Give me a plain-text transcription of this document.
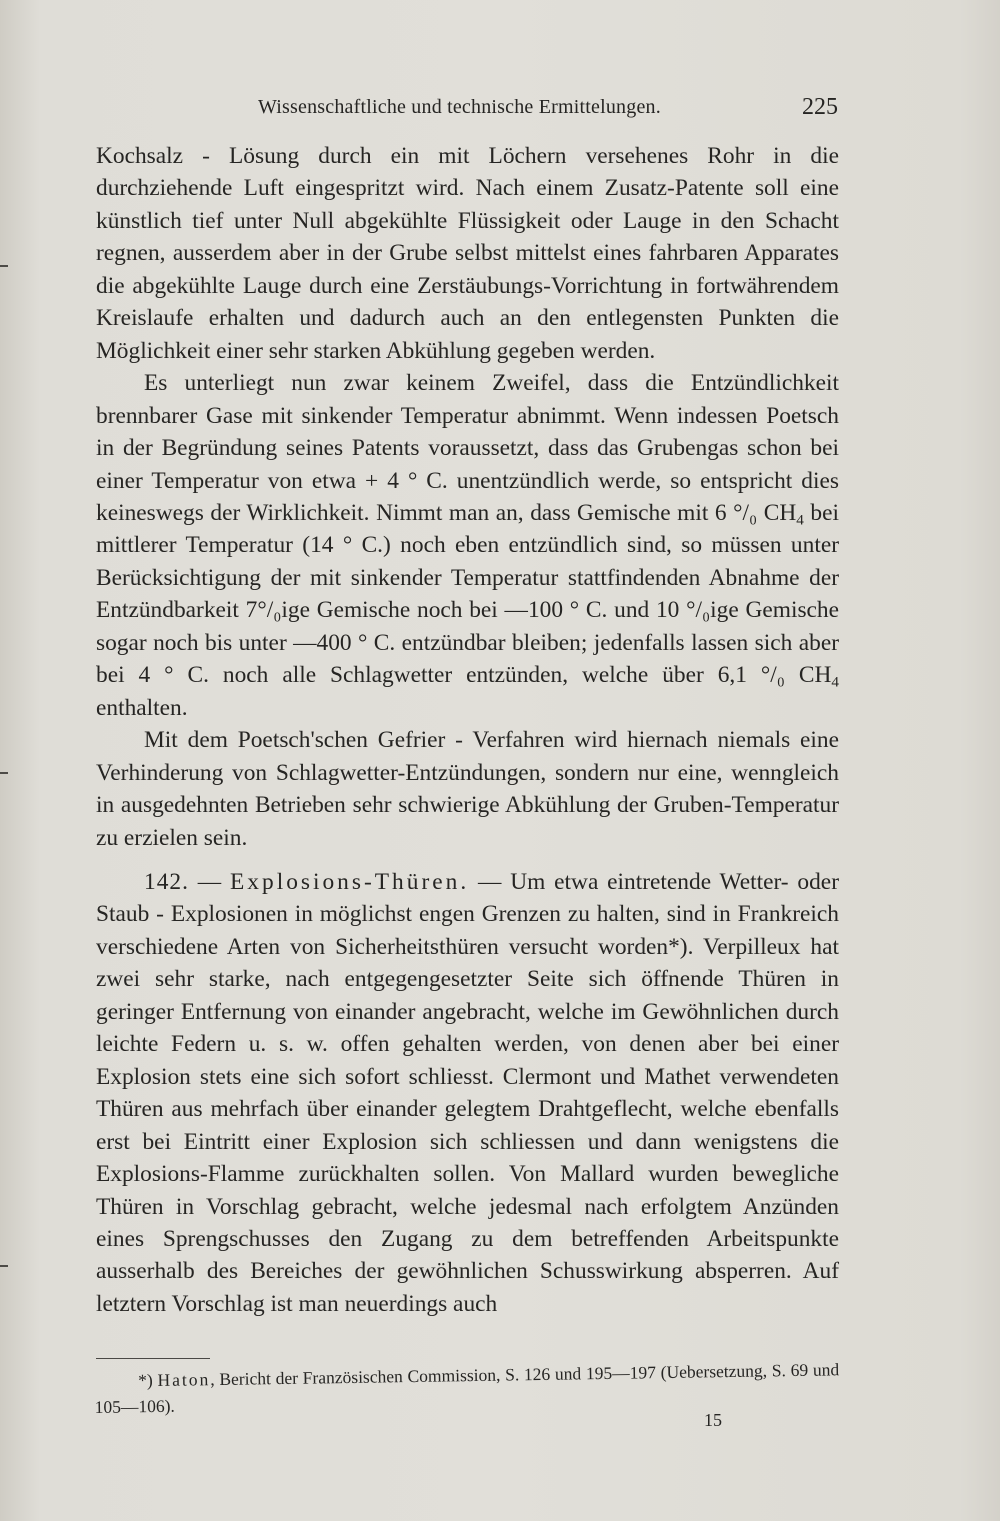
Wissenschaftliche und technische Ermittelungen.	225

Kochsalz - Lösung durch ein mit Löchern versehenes Rohr in die durchziehende Luft eingespritzt wird. Nach einem Zusatz-Patente soll eine künstlich tief unter Null abgekühlte Flüssigkeit oder Lauge in den Schacht regnen, ausserdem aber in der Grube selbst mittelst eines fahrbaren Apparates die abgekühlte Lauge durch eine Zerstäubungs-Vorrichtung in fortwährendem Kreislaufe erhalten und dadurch auch an den entlegensten Punkten die Möglichkeit einer sehr starken Abkühlung gegeben werden.

Es unterliegt nun zwar keinem Zweifel, dass die Entzündlichkeit brennbarer Gase mit sinkender Temperatur abnimmt. Wenn indessen Poetsch in der Begründung seines Patents voraussetzt, dass das Grubengas schon bei einer Temperatur von etwa + 4 ° C. unentzündlich werde, so entspricht dies keineswegs der Wirklichkeit. Nimmt man an, dass Gemische mit 6 °/₀ $CH_4$ bei mittlerer Temperatur (14 ° C.) noch eben entzündlich sind, so müssen unter Berücksichtigung der mit sinkender Temperatur stattfindenden Abnahme der Entzündbarkeit 7°/₀ige Gemische noch bei —100 ° C. und 10 °/₀ige Gemische sogar noch bis unter —400 ° C. entzündbar bleiben; jedenfalls lassen sich aber bei 4 ° C. noch alle Schlagwetter entzünden, welche über 6,1 °/₀ $CH_4$ enthalten.

Mit dem Poetsch'schen Gefrier - Verfahren wird hiernach niemals eine Verhinderung von Schlagwetter-Entzündungen, sondern nur eine, wenngleich in ausgedehnten Betrieben sehr schwierige Abkühlung der Gruben-Temperatur zu erzielen sein.

142. — Explosions-Thüren. — Um etwa eintretende Wetter- oder Staub - Explosionen in möglichst engen Grenzen zu halten, sind in Frankreich verschiedene Arten von Sicherheitsthüren versucht worden*). Verpilleux hat zwei sehr starke, nach entgegengesetzter Seite sich öffnende Thüren in geringer Entfernung von einander angebracht, welche im Gewöhnlichen durch leichte Federn u. s. w. offen gehalten werden, von denen aber bei einer Explosion stets eine sich sofort schliesst. Clermont und Mathet verwendeten Thüren aus mehrfach über einander gelegtem Drahtgeflecht, welche ebenfalls erst bei Eintritt einer Explosion sich schliessen und dann wenigstens die Explosions-Flamme zurückhalten sollen. Von Mallard wurden bewegliche Thüren in Vorschlag gebracht, welche jedesmal nach erfolgtem Anzünden eines Sprengschusses den Zugang zu dem betreffenden Arbeitspunkte ausserhalb des Bereiches der gewöhnlichen Schusswirkung absperren. Auf letztern Vorschlag ist man neuerdings auch

*) Haton, Bericht der Französischen Commission, S. 126 und 195—197 (Uebersetzung, S. 69 und 105—106).

15
